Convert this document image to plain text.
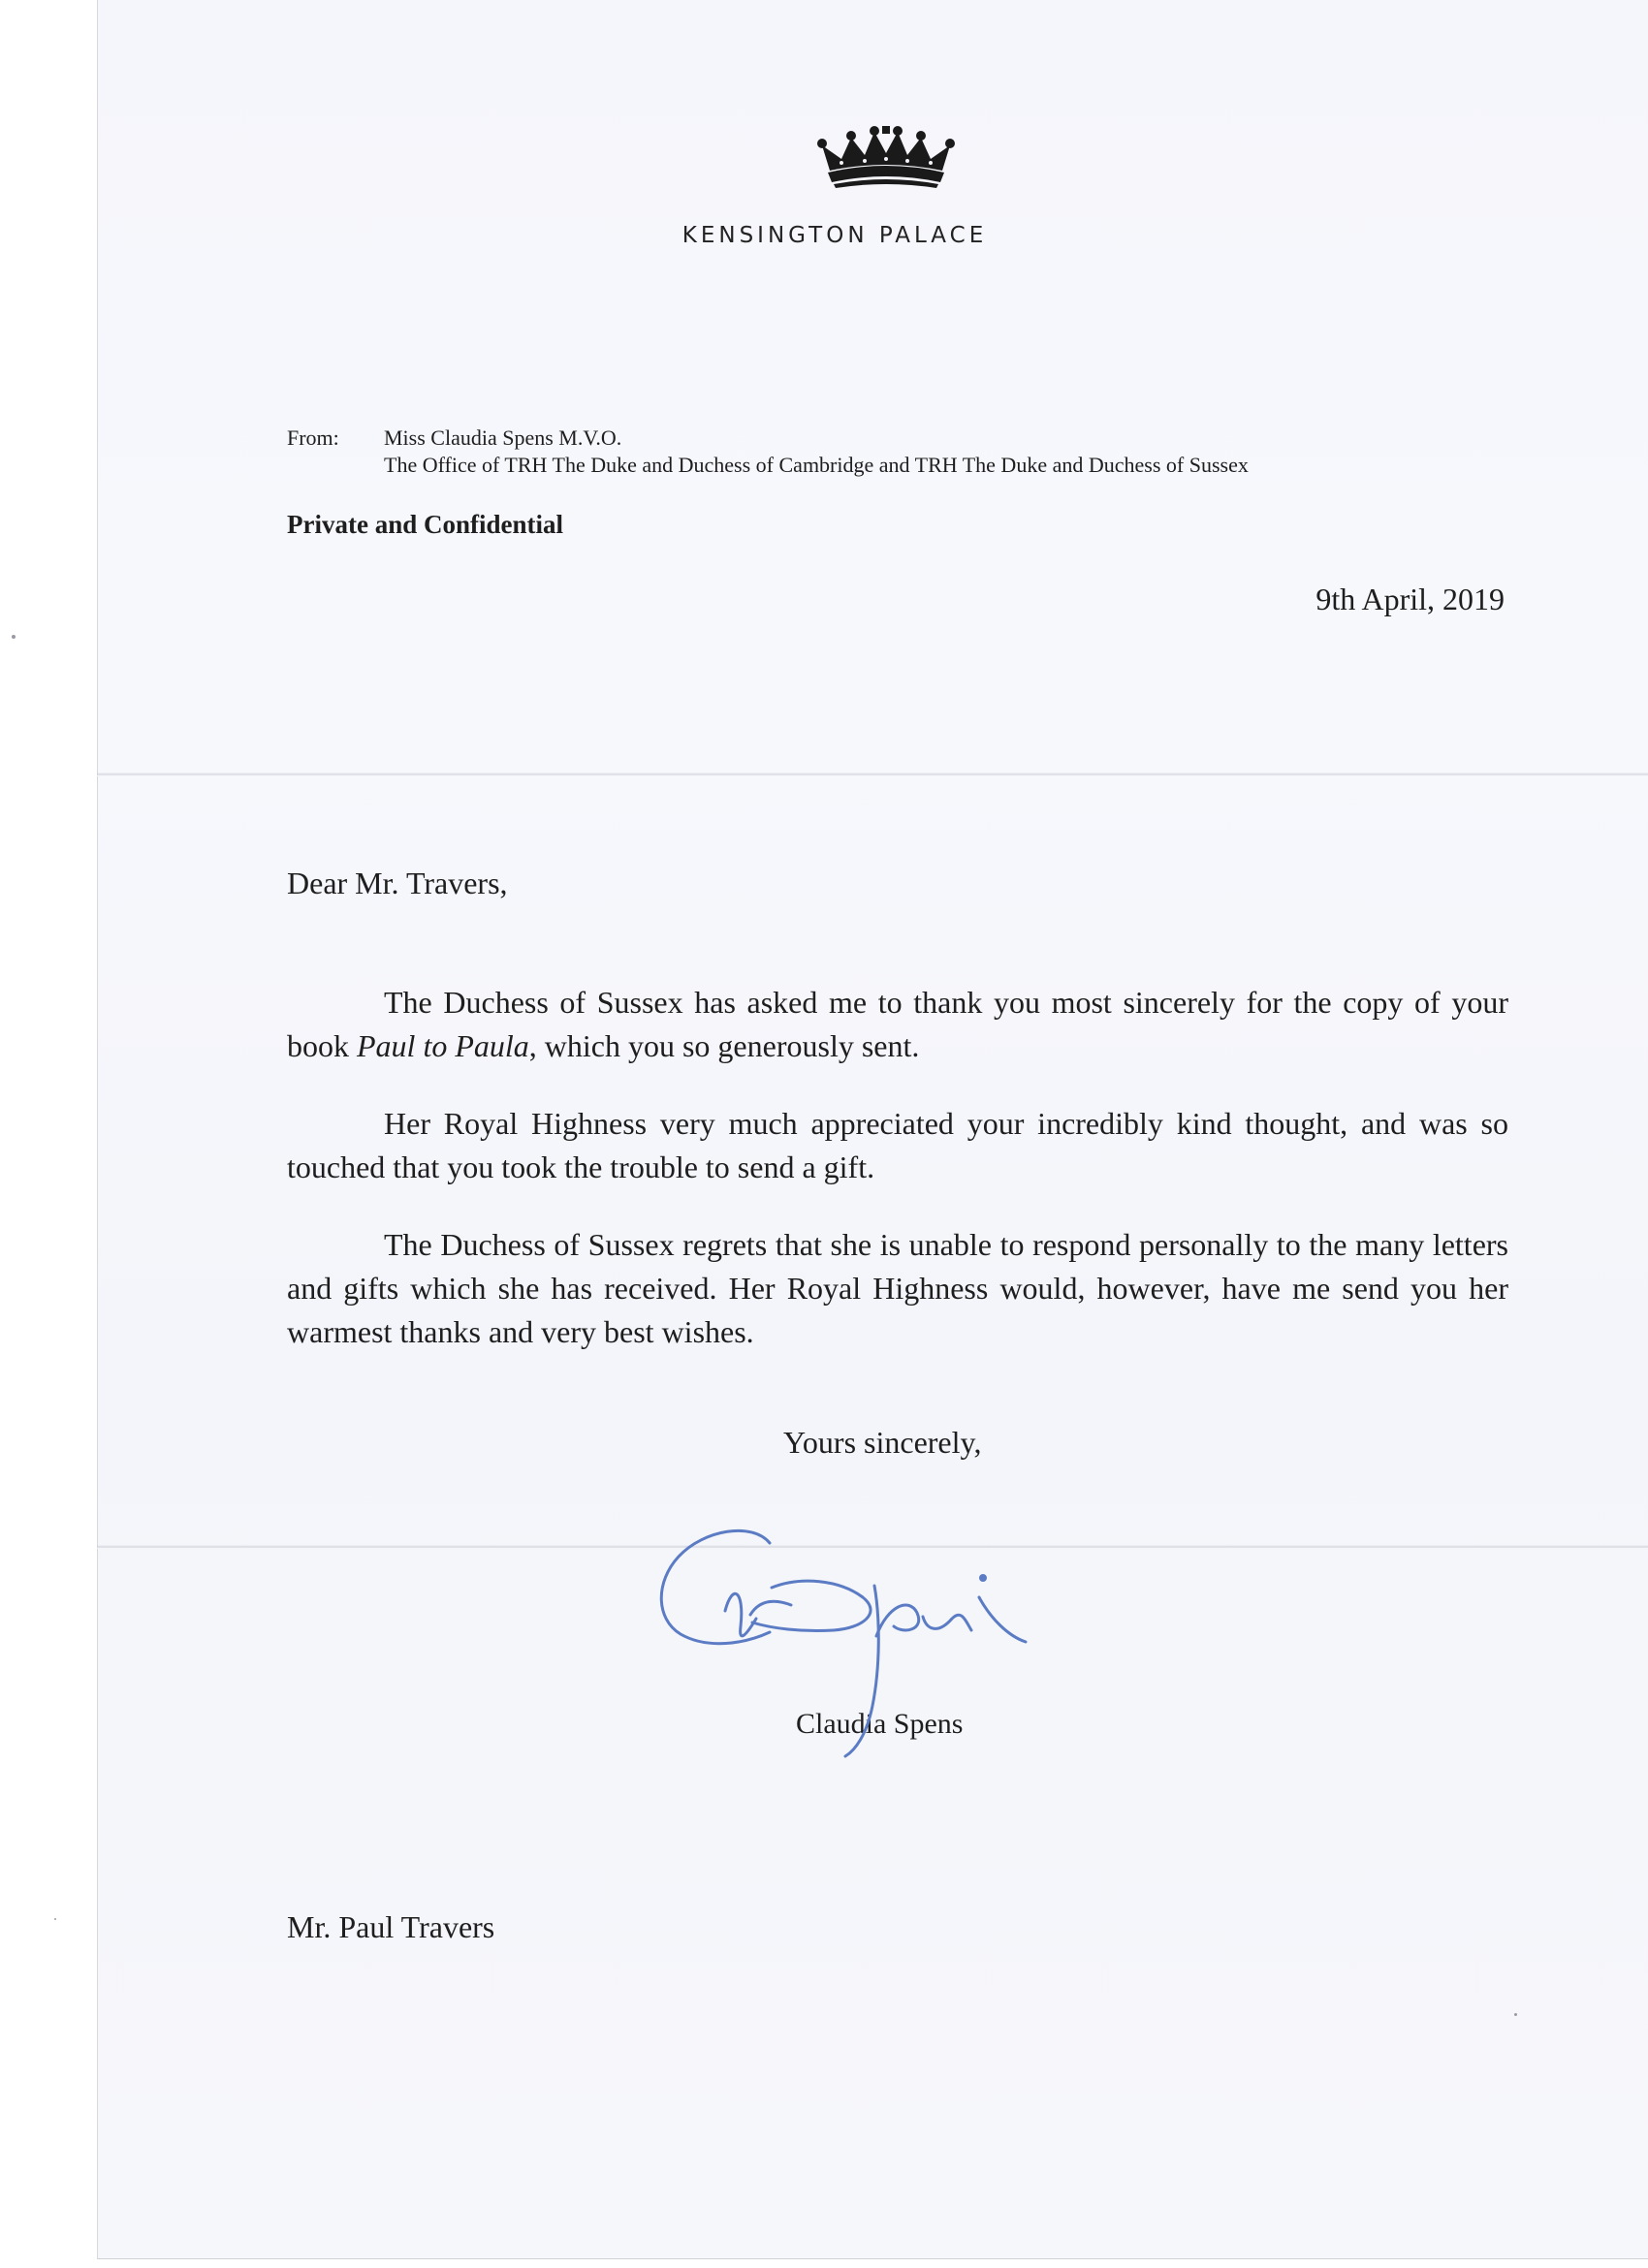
KENSINGTON PALACE
From: Miss Claudia Spens M.V.O.
The Office of TRH The Duke and Duchess of Cambridge and TRH The Duke and Duchess of Sussex
Private and Confidential
9th April, 2019
Dear Mr. Travers,
The Duchess of Sussex has asked me to thank you most sincerely for the copy of your book Paul to Paula, which you so generously sent.
Her Royal Highness very much appreciated your incredibly kind thought, and was so touched that you took the trouble to send a gift.
The Duchess of Sussex regrets that she is unable to respond personally to the many letters and gifts which she has received. Her Royal Highness would, however, have me send you her warmest thanks and very best wishes.
Yours sincerely,
Claudia Spens
Mr. Paul Travers
